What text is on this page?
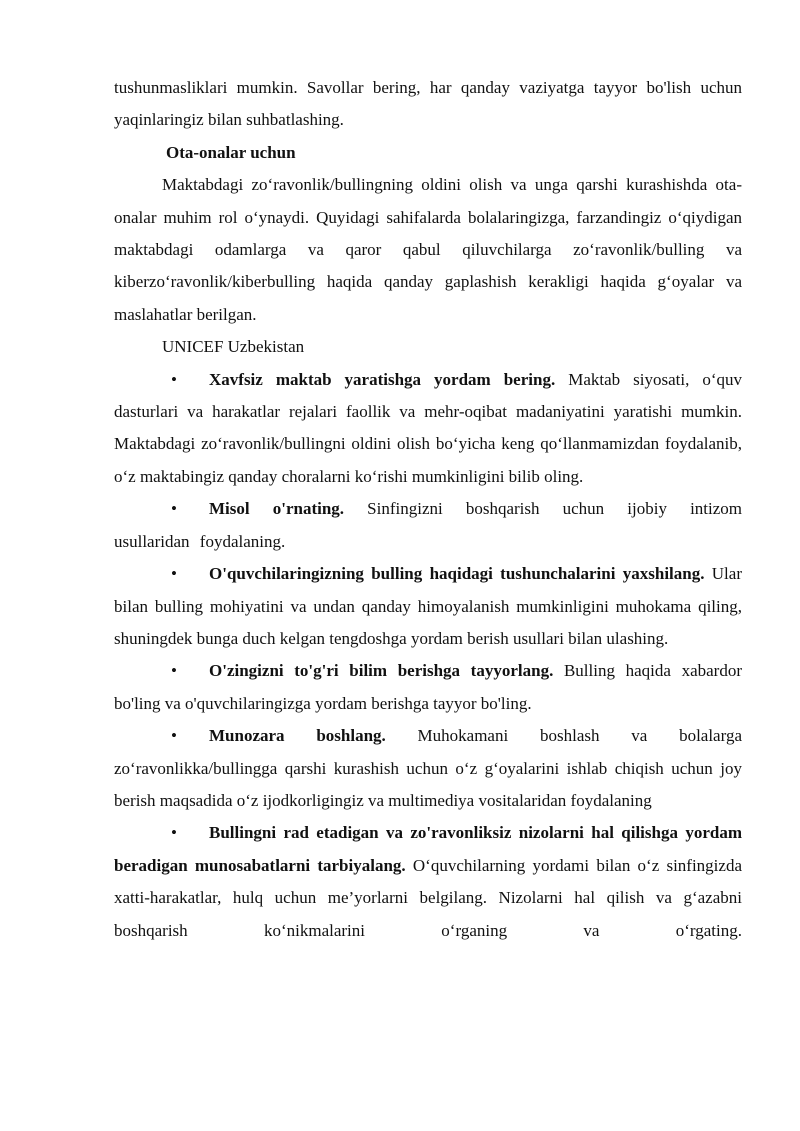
tushunmasliklari mumkin. Savollar bering, har qanday vaziyatga tayyor bo'lish uchun yaqinlaringiz bilan suhbatlashing.

Ota-onalar uchun

Maktabdagi zo‘ravonlik/bullingning oldini olish va unga qarshi kurashishda ota-onalar muhim rol o‘ynaydi. Quyidagi sahifalarda bolalaringizga, farzandingiz o‘qiydigan maktabdagi odamlarga va qaror qabul qiluvchilarga zo‘ravonlik/bulling va kiberzo‘ravonlik/kiberbulling haqida qanday gaplashish kerakligi haqida g‘oyalar va maslahatlar berilgan.

UNICEF Uzbekistan

•	Xavfsiz maktab yaratishga yordam bering. Maktab siyosati, o‘quv dasturlari va harakatlar rejalari faollik va mehr-oqibat madaniyatini yaratishi mumkin. Maktabdagi zo‘ravonlik/bullingni oldini olish bo‘yicha keng qo‘llanmamizdan foydalanib, o‘z maktabingiz qanday choralarni ko‘rishi mumkinligini bilib oling.
•	Misol o'rnating. Sinfingizni boshqarish uchun ijobiy intizom usullaridan foydalaning.
•	O'quvchilaringizning bulling haqidagi tushunchalarini yaxshilang. Ular bilan bulling mohiyatini va undan qanday himoyalanish mumkinligini muhokama qiling, shuningdek bunga duch kelgan tengdoshga yordam berish usullari bilan ulashing.
•	O'zingizni to'g'ri bilim berishga tayyorlang. Bulling haqida xabardor bo'ling va o'quvchilaringizga yordam berishga tayyor bo'ling.
•	Munozara boshlang. Muhokamani boshlash va bolalarga zo‘ravonlikka/bullingga qarshi kurashish uchun o‘z g‘oyalarini ishlab chiqish uchun joy berish maqsadida o‘z ijodkorligingiz va multimediya vositalaridan foydalaning
•	Bullingni rad etadigan va zo'ravonliksiz nizolarni hal qilishga yordam beradigan munosabatlarni tarbiyalang. O‘quvchilarning yordami bilan o‘z sinfingizda xatti-harakatlar, hulq uchun me’yorlarni belgilang. Nizolarni hal qilish va g‘azabni boshqarish ko‘nikmalarini o‘rganing va o‘rgating.
